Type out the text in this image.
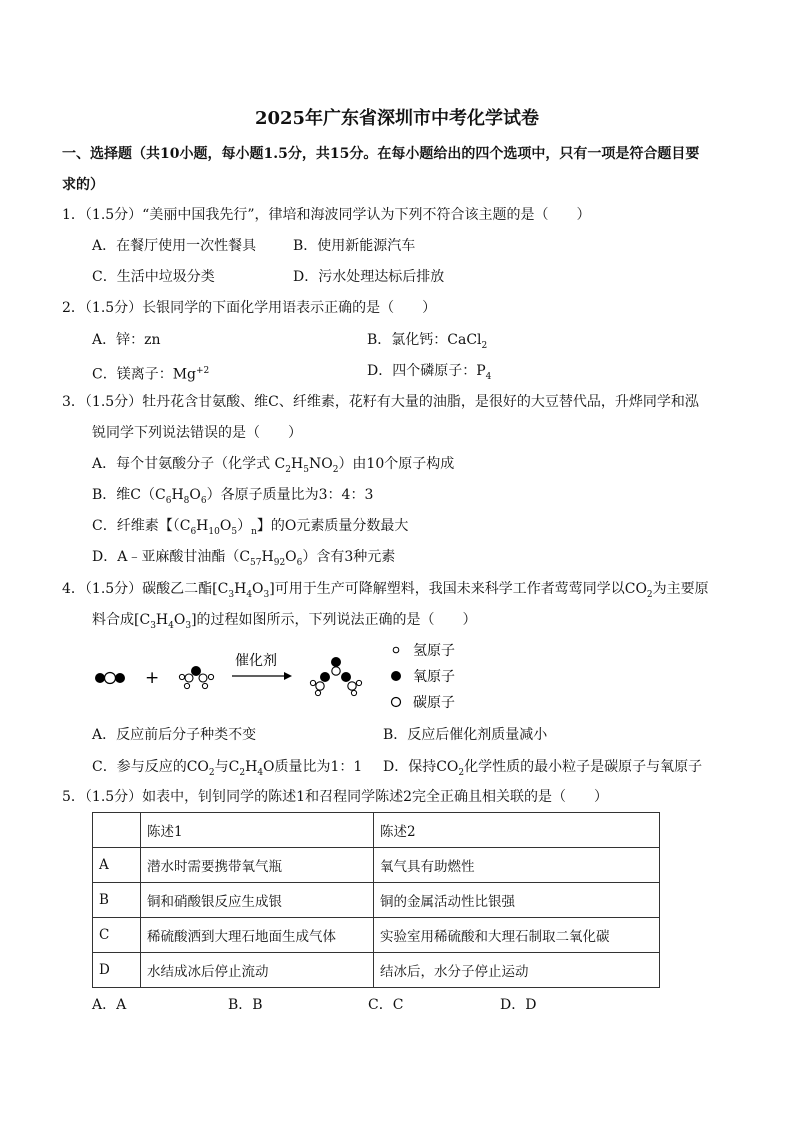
2025年广东省深圳市中考化学试卷
一、选择题（共10小题，每小题1.5分，共15分。在每小题给出的四个选项中，只有一项是符合题目要
求的）
1．（1.5分）“美丽中国我先行”，律培和海波同学认为下列不符合该主题的是（　　）
A．在餐厅使用一次性餐具	B．使用新能源汽车
C．生活中垃圾分类	D．污水处理达标后排放
2．（1.5分）长银同学的下面化学用语表示正确的是（　　）
A．锌：zn	B．氯化钙：CaCl$_2$
C．镁离子：$Mg^{+2}$	D．四个磷原子：$P_4$
3．（1.5分）牡丹花含甘氨酸、维C、纤维素，花籽有大量的油脂，是很好的大豆替代品，升烨同学和泓
锐同学下列说法错误的是（　　）
A．每个甘氨酸分子（化学式 $C_2H_5NO_2$）由10个原子构成
B．维$C(C_6H_8O_6)$各原子质量比为3：4：3
C．纤维素【$(C_6H_{10}O_5)_n$】的O元素质量分数最大
D．A﹣亚麻酸甘油酯$(C_{57}H_{92}O_6)$含有3种元素
4．（1.5分）碳酸乙二酯$[C_3H_4O_3]$可用于生产可降解塑料，我国未来科学工作者莺莺同学以$CO_2$为主要原
料合成$[C_3H_4O_3]$的过程如图所示，下列说法正确的是（　　）
+
催化剂
氢原子
氧原子
碳原子
A．反应前后分子种类不变	B．反应后催化剂质量减小
C．参与反应的$CO_2$与$C_2H_4O$质量比为1：1 D．保持$CO_2$化学性质的最小粒子是碳原子与氧原子
5．（1.5分）如表中，钊钊同学的陈述1和召程同学陈述2完全正确且相关联的是（　　）
	陈述1	陈述2
A	潜水时需要携带氧气瓶	氧气具有助燃性
B	铜和硝酸银反应生成银	铜的金属活动性比银强
C	稀硫酸洒到大理石地面生成气体	实验室用稀硫酸和大理石制取二氧化碳
D	水结成冰后停止流动	结冰后，水分子停止运动
A．A	B．B	C．C	D．D
